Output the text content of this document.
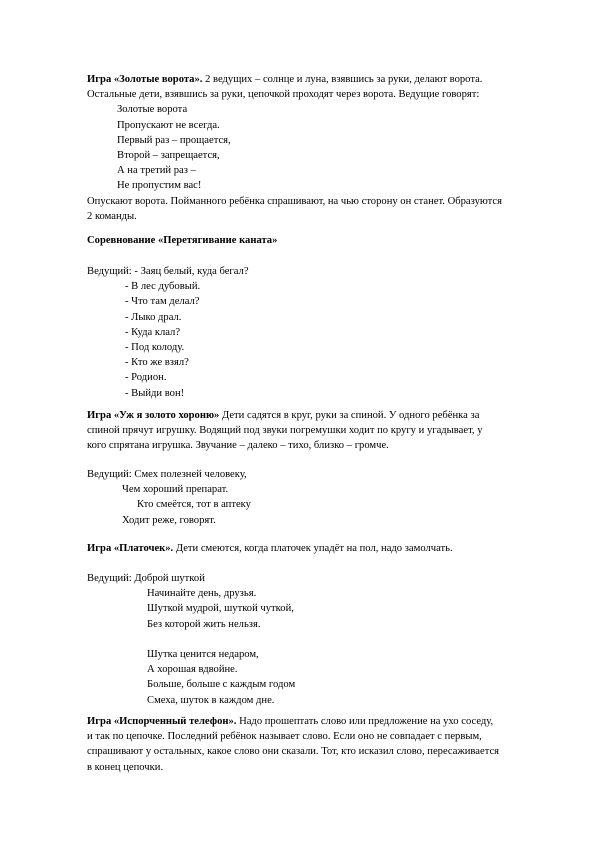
Игра «Золотые ворота». 2 ведущих – солнце и луна, взявшись за руки, делают ворота.
Остальные дети, взявшись за руки, цепочкой проходят через ворота. Ведущие говорят:
Золотые ворота
Пропускают не всегда.
Первый раз – прощается,
Второй – запрещается,
А на третий раз –
Не пропустим вас!
Опускают ворота. Пойманного ребёнка спрашивают, на чью сторону он станет. Образуются
2 команды.
Соревнование «Перетягивание каната»
Ведущий: - Заяц белый, куда бегал?
- В лес дубовый.
- Что там делал?
- Лыко драл.
- Куда клал?
- Под колоду.
- Кто же взял?
- Родион.
- Выйди вон!
Игра «Уж я золото хороню» Дети садятся в круг, руки за спиной. У одного ребёнка за
спиной прячут игрушку. Водящий под звуки погремушки ходит по кругу и угадывает, у
кого спрятана игрушка. Звучание – далеко – тихо, близко – громче.
Ведущий: Смех полезней человеку,
Чем хороший препарат.
Кто смеётся, тот в аптеку
Ходит реже, говорят.
Игра «Платочек». Дети смеются, когда платочек упадёт на пол, надо замолчать.
Ведущий: Доброй шуткой
Начинайте день, друзья.
Шуткой мудрой, шуткой чуткой,
Без которой жить нельзя.

Шутка ценится недаром,
А хорошая вдвойне.
Больше, больше с каждым годом
Смеха, шуток в каждом дне.
Игра «Испорченный телефон». Надо прошептать слово или предложение на ухо соседу,
и так по цепочке. Последний ребёнок называет слово. Если оно не совпадает с первым,
спрашивают у остальных, какое слово они сказали. Тот, кто исказил слово, пересаживается
в конец цепочки.
